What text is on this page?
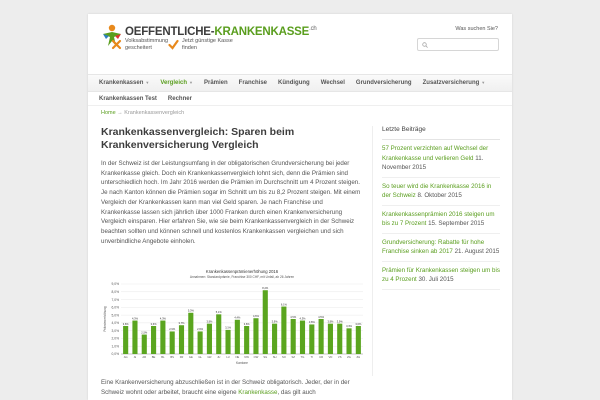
OEFFENTLICHE-$KRANKENKASSE^{.ch}$
Volksabstimmung gescheitert
Jetzt günstige Kasse finden
Was suchen Sie?
Krankenkassen ▼ Vergleich ▼ Prämien Franchise Kündigung Wechsel Grundversicherung Zusatzversicherung ▼
Krankenkassen Test Rechner
Home → Krankenkassenvergleich
Krankenkassenvergleich: Sparen beim Krankenversicherung Vergleich

In der Schweiz ist der Leistungsumfang in der obligatorischen Grundversicherung bei jeder Krankenkasse gleich. Doch ein Krankenkassenvergleich lohnt sich, denn die Prämien sind unterschiedlich hoch. Im Jahr 2016 werden die Prämien im Durchschnitt um 4 Prozent steigen. Je nach Kanton können die Prämien sogar im Schnitt um bis zu 8,2 Prozent steigen. Mit einem Vergleich der Krankenkassen kann man viel Geld sparen. Je nach Franchise und Krankenkasse lassen sich jährlich über 1000 Franken durch einen Krankenversicherung Vergleich einsparen. Hier erfahren Sie, wie sie beim Krankenkassenvergleich in der Schweiz beachten sollten und können schnell und kostenlos Krankenkassen vergleichen und sich unverbindliche Angebote einholen.

Krankenkassenprämienerhöhung 2016
Annahmen: Standardprämie, Franchise 300 CHF, mit Unfall, ab 26 Jahren
0,0%
1,0%
2,0%
3,0%
4,0%
5,0%
6,0%
7,0%
8,0%
9,0%
Prämienerhöhung	3,6%
AG
4,3%
AI
2,5%
AR
3,6%
BE
4,3%
BL
2,9%
BS
3,7%
FR
5,3%
GE
2,9%
GL
3,9%
GR
5,1%
JU
3,1%
LU
4,4%
NE
3,6%
NW
4,6%
OW
8,2%
SG
3,9%
SH
6,1%
SO
4,5%
SZ
4,3%
TG
3,8%
TI
4,5%
UR
3,9%
VD
3,9%
VS
3,3%
ZG
3,6%
ZH
Kantone

Eine Krankenversicherung abzuschließen ist in der Schweiz obligatorisch. Jeder, der in der Schweiz wohnt oder arbeitet, braucht eine eigene Krankenkasse, das gilt auch

Letzte Beiträge
57 Prozent verzichten auf Wechsel der Krankenkasse und verlieren Geld 11. November 2015
So teuer wird die Krankenkasse 2016 in der Schweiz 8. Oktober 2015
Krankenkassenprämien 2016 steigen um bis zu 7 Prozent 15. September 2015
Grundversicherung: Rabatte für hohe Franchise sinken ab 2017 21. August 2015
Prämien für Krankenkassen steigen um bis zu 4 Prozent 30. Juli 2015
